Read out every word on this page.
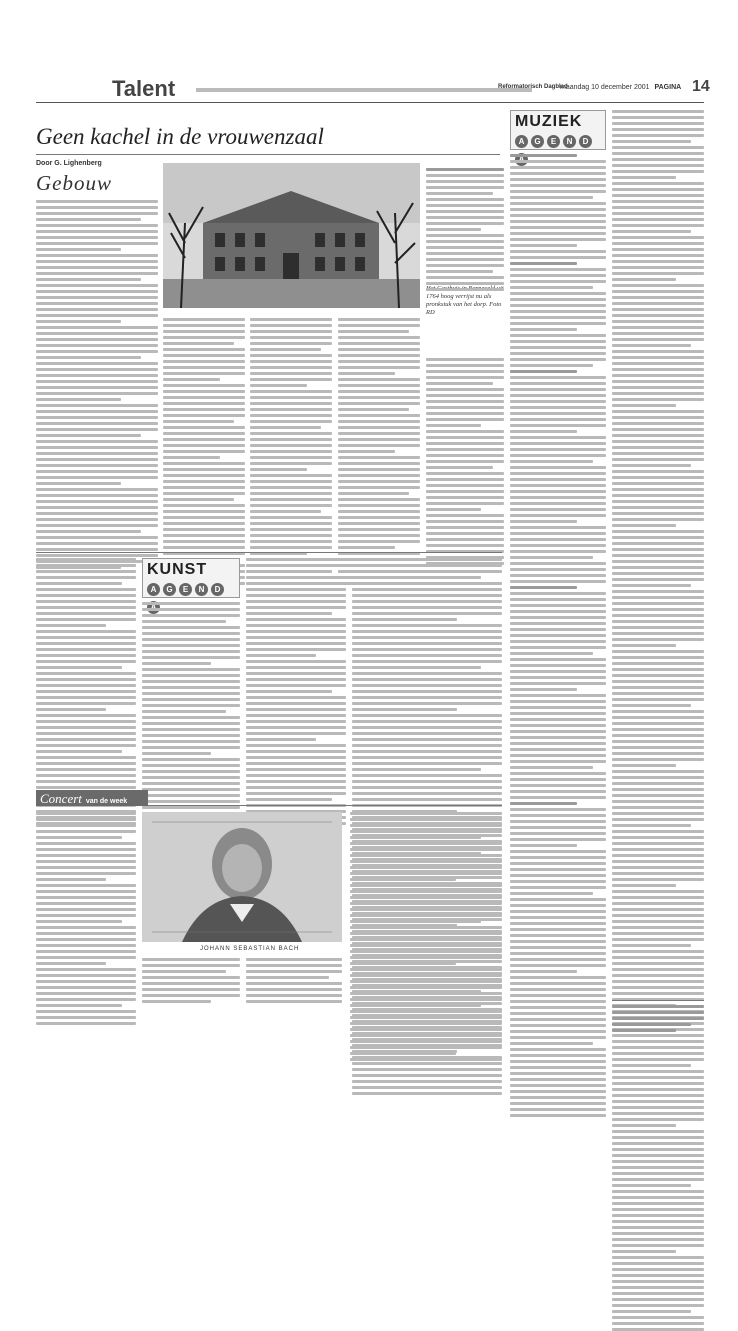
Talent	Reformatorisch Dagblad
maandag 10 december 2001 PAGINA 14
Geen kachel in de vrouwenzaal
Door G. Lighenberg
Gebouw
1764 hoog verrijst nu als pronkstuk van het dorp. Foto RD
MUZIEK
A G E N D
KUNST
A G E N D
Concert van de week
JOHANN SEBASTIAN BACH
